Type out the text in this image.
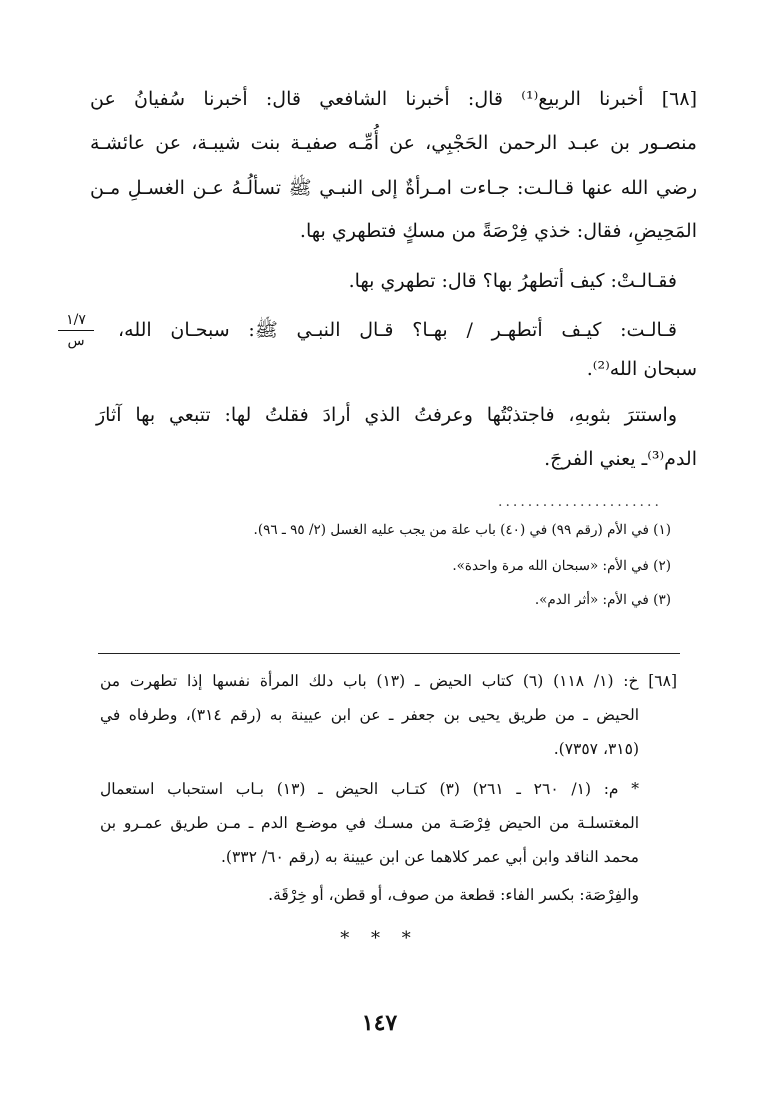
[٦٨] أخبرنا الربيع⁽¹⁾ قال: أخبرنا الشافعي قال: أخبرنا سُفيانُ عن
منصـور بن عبـد الرحمن الحَجْبِي، عن أُمِّـه صفيـة بنت شيبـة، عن عائشـة
رضي الله عنها قـالـت: جـاءت امـرأةٌ إلى النبـي ﷺ تسألُـهُ عـن الغسـلِ مـن
المَحِيضِ، فقال: خذي فِرْصَةً من مسكٍ فتطهري بها.
فقـالـتْ: كيف أتطهرُ بها؟ قال: تطهري بها.
قـالـت: كيـف أتطهـر / بهـا؟ قـال النبـي ﷺ: سبحـان الله،
سبحان الله⁽²⁾.
١/٧
س
واستترَ بثوبهِ، فاجتذبْتُها وعرفتُ الذي أرادَ فقلتُ لها: تتبعي بها آثارَ
الدم⁽³⁾ـ يعني الفرجَ.
......................
(١) في الأم (رقم ٩٩) في (٤٠) باب علة من يجب عليه الغسل (٢/ ٩٥ ـ ٩٦).
(٢) في الأم: «سبحان الله مرة واحدة».
(٣) في الأم: «أثر الدم».
[٦٨] خ: (١/ ١١٨) (٦) كتاب الحيض ـ (١٣) باب دلك المرأة نفسها إذا تطهرت من
الحيض ـ من طريق يحيى بن جعفر ـ عن ابن عيينة به (رقم ٣١٤)، وطرفاه في
(٣١٥، ٧٣٥٧).
* م: (١/ ٢٦٠ ـ ٢٦١) (٣) كتـاب الحيض ـ (١٣) بـاب استحباب استعمال
المغتسلـة من الحيض فِرْصَـة من مسـك في موضـع الدم ـ مـن طريق عمـرو بن
محمد الناقد وابن أبي عمر كلاهما عن ابن عيينة به (رقم ٦٠/ ٣٣٢).
والفِرْصَة: بكسر الفاء: قطعة من صوف، أو قطن، أو خِرْقَة.
* * *
١٤٧
